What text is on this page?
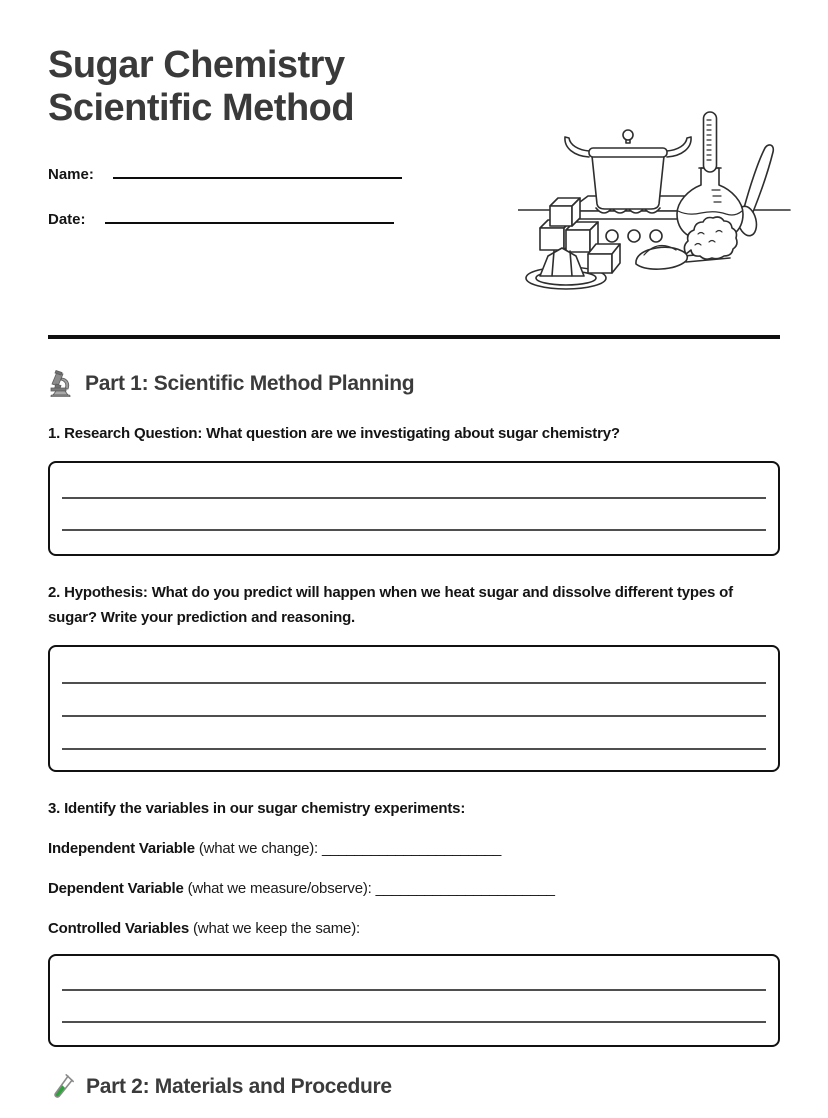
Sugar Chemistry
Scientific Method
Name:
Date:
Part 1: Scientific Method Planning

1. Research Question: What question are we investigating about sugar chemistry?

2. Hypothesis: What do you predict will happen when we heat sugar and dissolve different types of sugar? Write your prediction and reasoning.

3. Identify the variables in our sugar chemistry experiments:

Independent Variable (what we change): ______________________
Dependent Variable (what we measure/observe): ______________________
Controlled Variables (what we keep the same):
Part 2: Materials and Procedure
